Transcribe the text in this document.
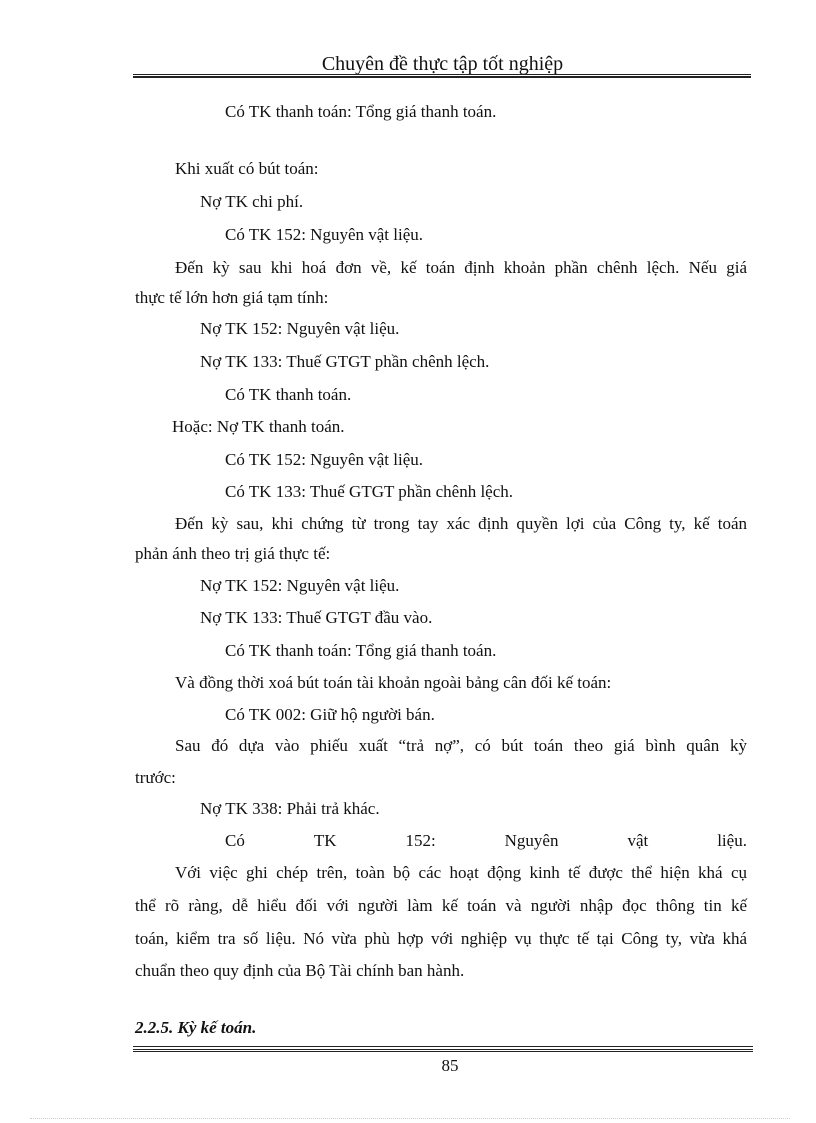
Chuyên đề thực tập tốt nghiệp
Có TK thanh toán: Tổng giá thanh toán.
Khi xuất có bút toán:
Nợ TK chi phí.
Có TK 152: Nguyên vật liệu.
Đến kỳ sau khi hoá đơn về, kế toán định khoản phần chênh lệch. Nếu giá
thực tế lớn hơn giá tạm tính:
Nợ TK 152: Nguyên vật liệu.
Nợ TK 133: Thuế GTGT phần chênh lệch.
Có TK thanh toán.
Hoặc: Nợ TK thanh toán.
Có TK 152: Nguyên vật liệu.
Có TK 133: Thuế GTGT phần chênh lệch.
Đến kỳ sau, khi chứng từ trong tay xác định quyền lợi của Công ty, kế toán
phản ánh theo trị giá thực tế:
Nợ TK 152: Nguyên vật liệu.
Nợ TK 133: Thuế GTGT đầu vào.
Có TK thanh toán: Tổng giá thanh toán.
Và đồng thời xoá bút toán tài khoản ngoài bảng cân đối kế toán:
Có TK 002: Giữ hộ người bán.
Sau đó dựa vào phiếu xuất “trả nợ”, có bút toán theo giá bình quân kỳ
trước:
Nợ TK 338: Phải trả khác.
Có	TK	152:	Nguyên	vật	liệu.
Với việc ghi chép trên, toàn bộ các hoạt động kinh tế được thể hiện khá cụ
thể rõ ràng, dễ hiểu đối với người làm kế toán và người nhập đọc thông tin kế
toán, kiểm tra số liệu. Nó vừa phù hợp với nghiệp vụ thực tế tại Công ty, vừa khá
chuẩn theo quy định của Bộ Tài chính ban hành.
2.2.5. Kỳ kế toán.
85
